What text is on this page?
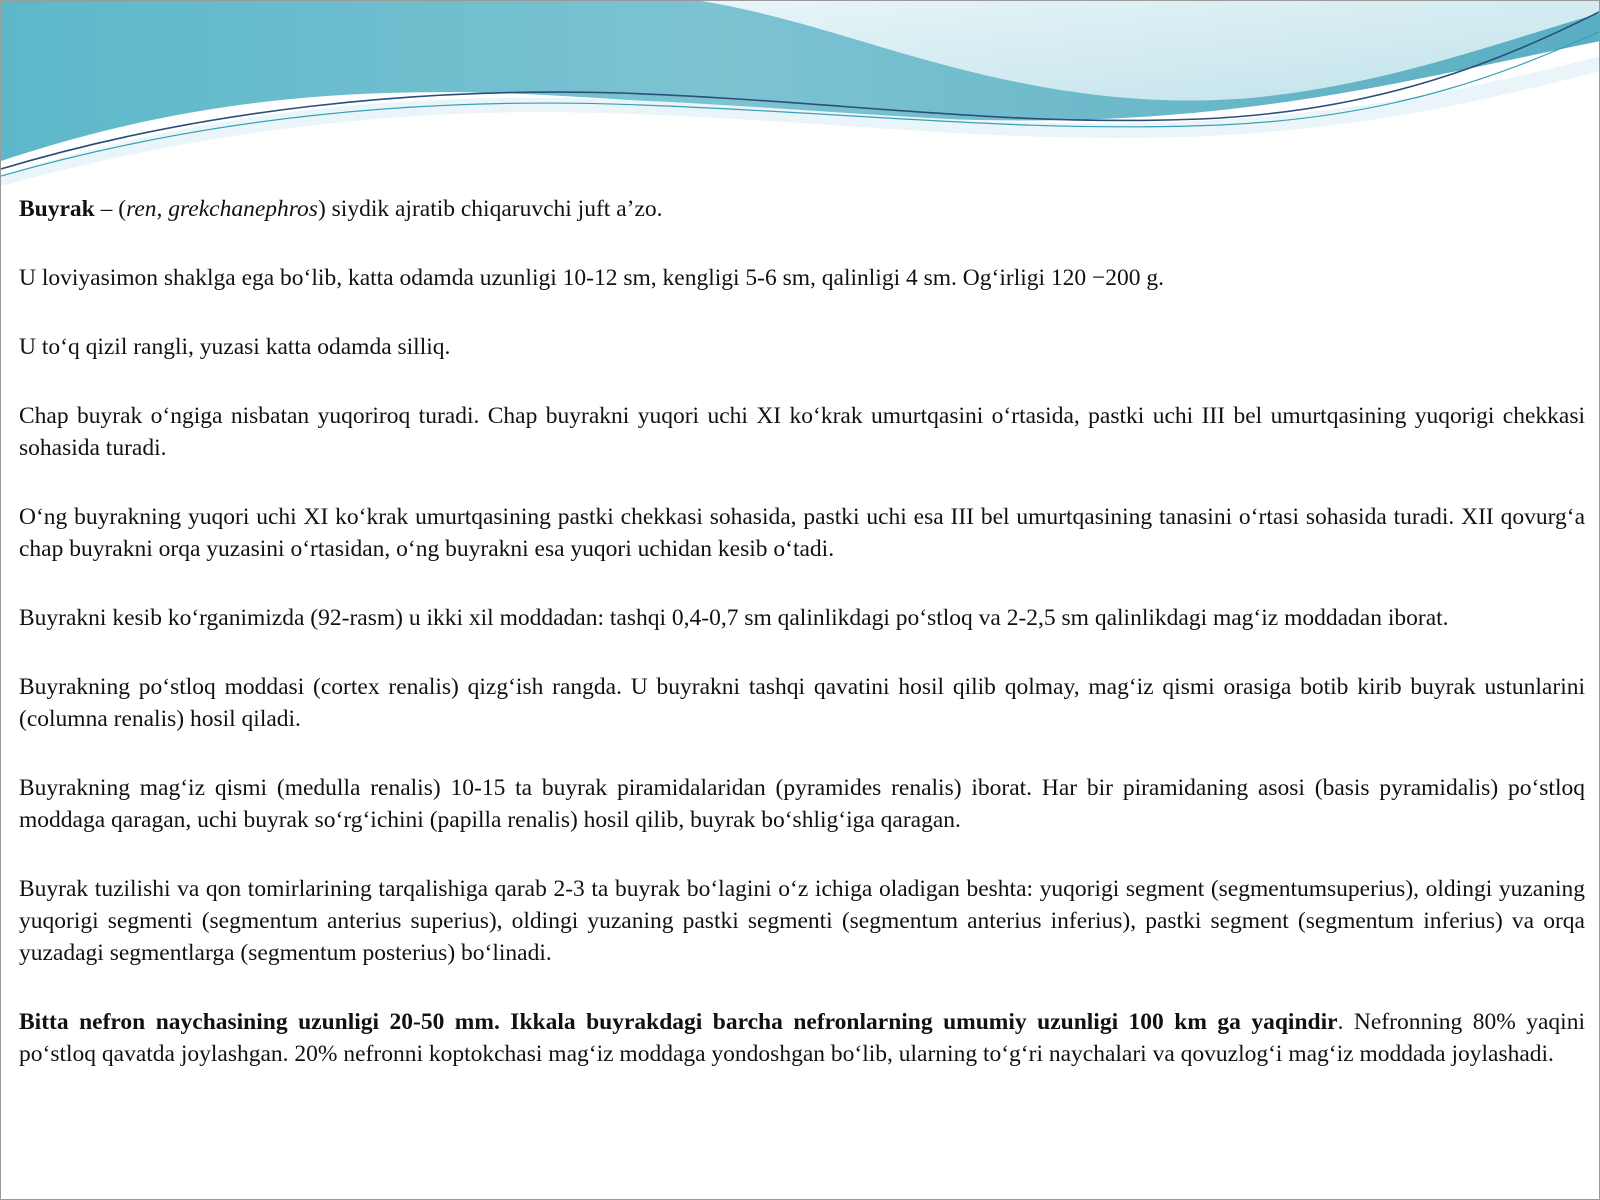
Buyrak – (ren, grekchanephros) siydik ajratib chiqaruvchi juft a’zo.

U loviyasimon shaklga ega bo‘lib, katta odamda uzunligi 10-12 sm, kengligi 5-6 sm, qalinligi 4 sm. Og‘irligi 120 −200 g.

U to‘q qizil rangli, yuzasi katta odamda silliq.

Chap buyrak o‘ngiga nisbatan yuqoriroq turadi. Chap buyrakni yuqori uchi XI ko‘krak umurtqasini o‘rtasida, pastki uchi III bel umurtqasining yuqorigi chekkasi sohasida turadi.

O‘ng buyrakning yuqori uchi XI ko‘krak umurtqasining pastki chekkasi sohasida, pastki uchi esa III bel umurtqasining tanasini o‘rtasi sohasida turadi. XII qovurg‘a chap buyrakni orqa yuzasini o‘rtasidan, o‘ng buyrakni esa yuqori uchidan kesib o‘tadi.

Buyrakni kesib ko‘rganimizda (92-rasm) u ikki xil moddadan: tashqi 0,4-0,7 sm qalinlikdagi po‘stloq va 2-2,5 sm qalinlikdagi mag‘iz moddadan iborat.

Buyrakning po‘stloq moddasi (cortex renalis) qizg‘ish rangda. U buyrakni tashqi qavatini hosil qilib qolmay, mag‘iz qismi orasiga botib kirib buyrak ustunlarini (columna renalis) hosil qiladi.

Buyrakning mag‘iz qismi (medulla renalis) 10-15 ta buyrak piramidalaridan (pyramides renalis) iborat. Har bir piramidaning asosi (basis pyramidalis) po‘stloq moddaga qaragan, uchi buyrak so‘rg‘ichini (papilla renalis) hosil qilib, buyrak bo‘shlig‘iga qaragan.

Buyrak tuzilishi va qon tomirlarining tarqalishiga qarab 2-3 ta buyrak bo‘lagini o‘z ichiga oladigan beshta: yuqorigi segment (segmentumsuperius), oldingi yuzaning yuqorigi segmenti (segmentum anterius superius), oldingi yuzaning pastki segmenti (segmentum anterius inferius), pastki segment (segmentum inferius) va orqa yuzadagi segmentlarga (segmentum posterius) bo‘linadi.

Bitta nefron naychasining uzunligi 20-50 mm. Ikkala buyrakdagi barcha nefronlarning umumiy uzunligi 100 km ga yaqindir. Nefronning 80% yaqini po‘stloq qavatda joylashgan. 20% nefronni koptokchasi mag‘iz moddaga yondoshgan bo‘lib, ularning to‘g‘ri naychalari va qovuzlog‘i mag‘iz moddada joylashadi.
